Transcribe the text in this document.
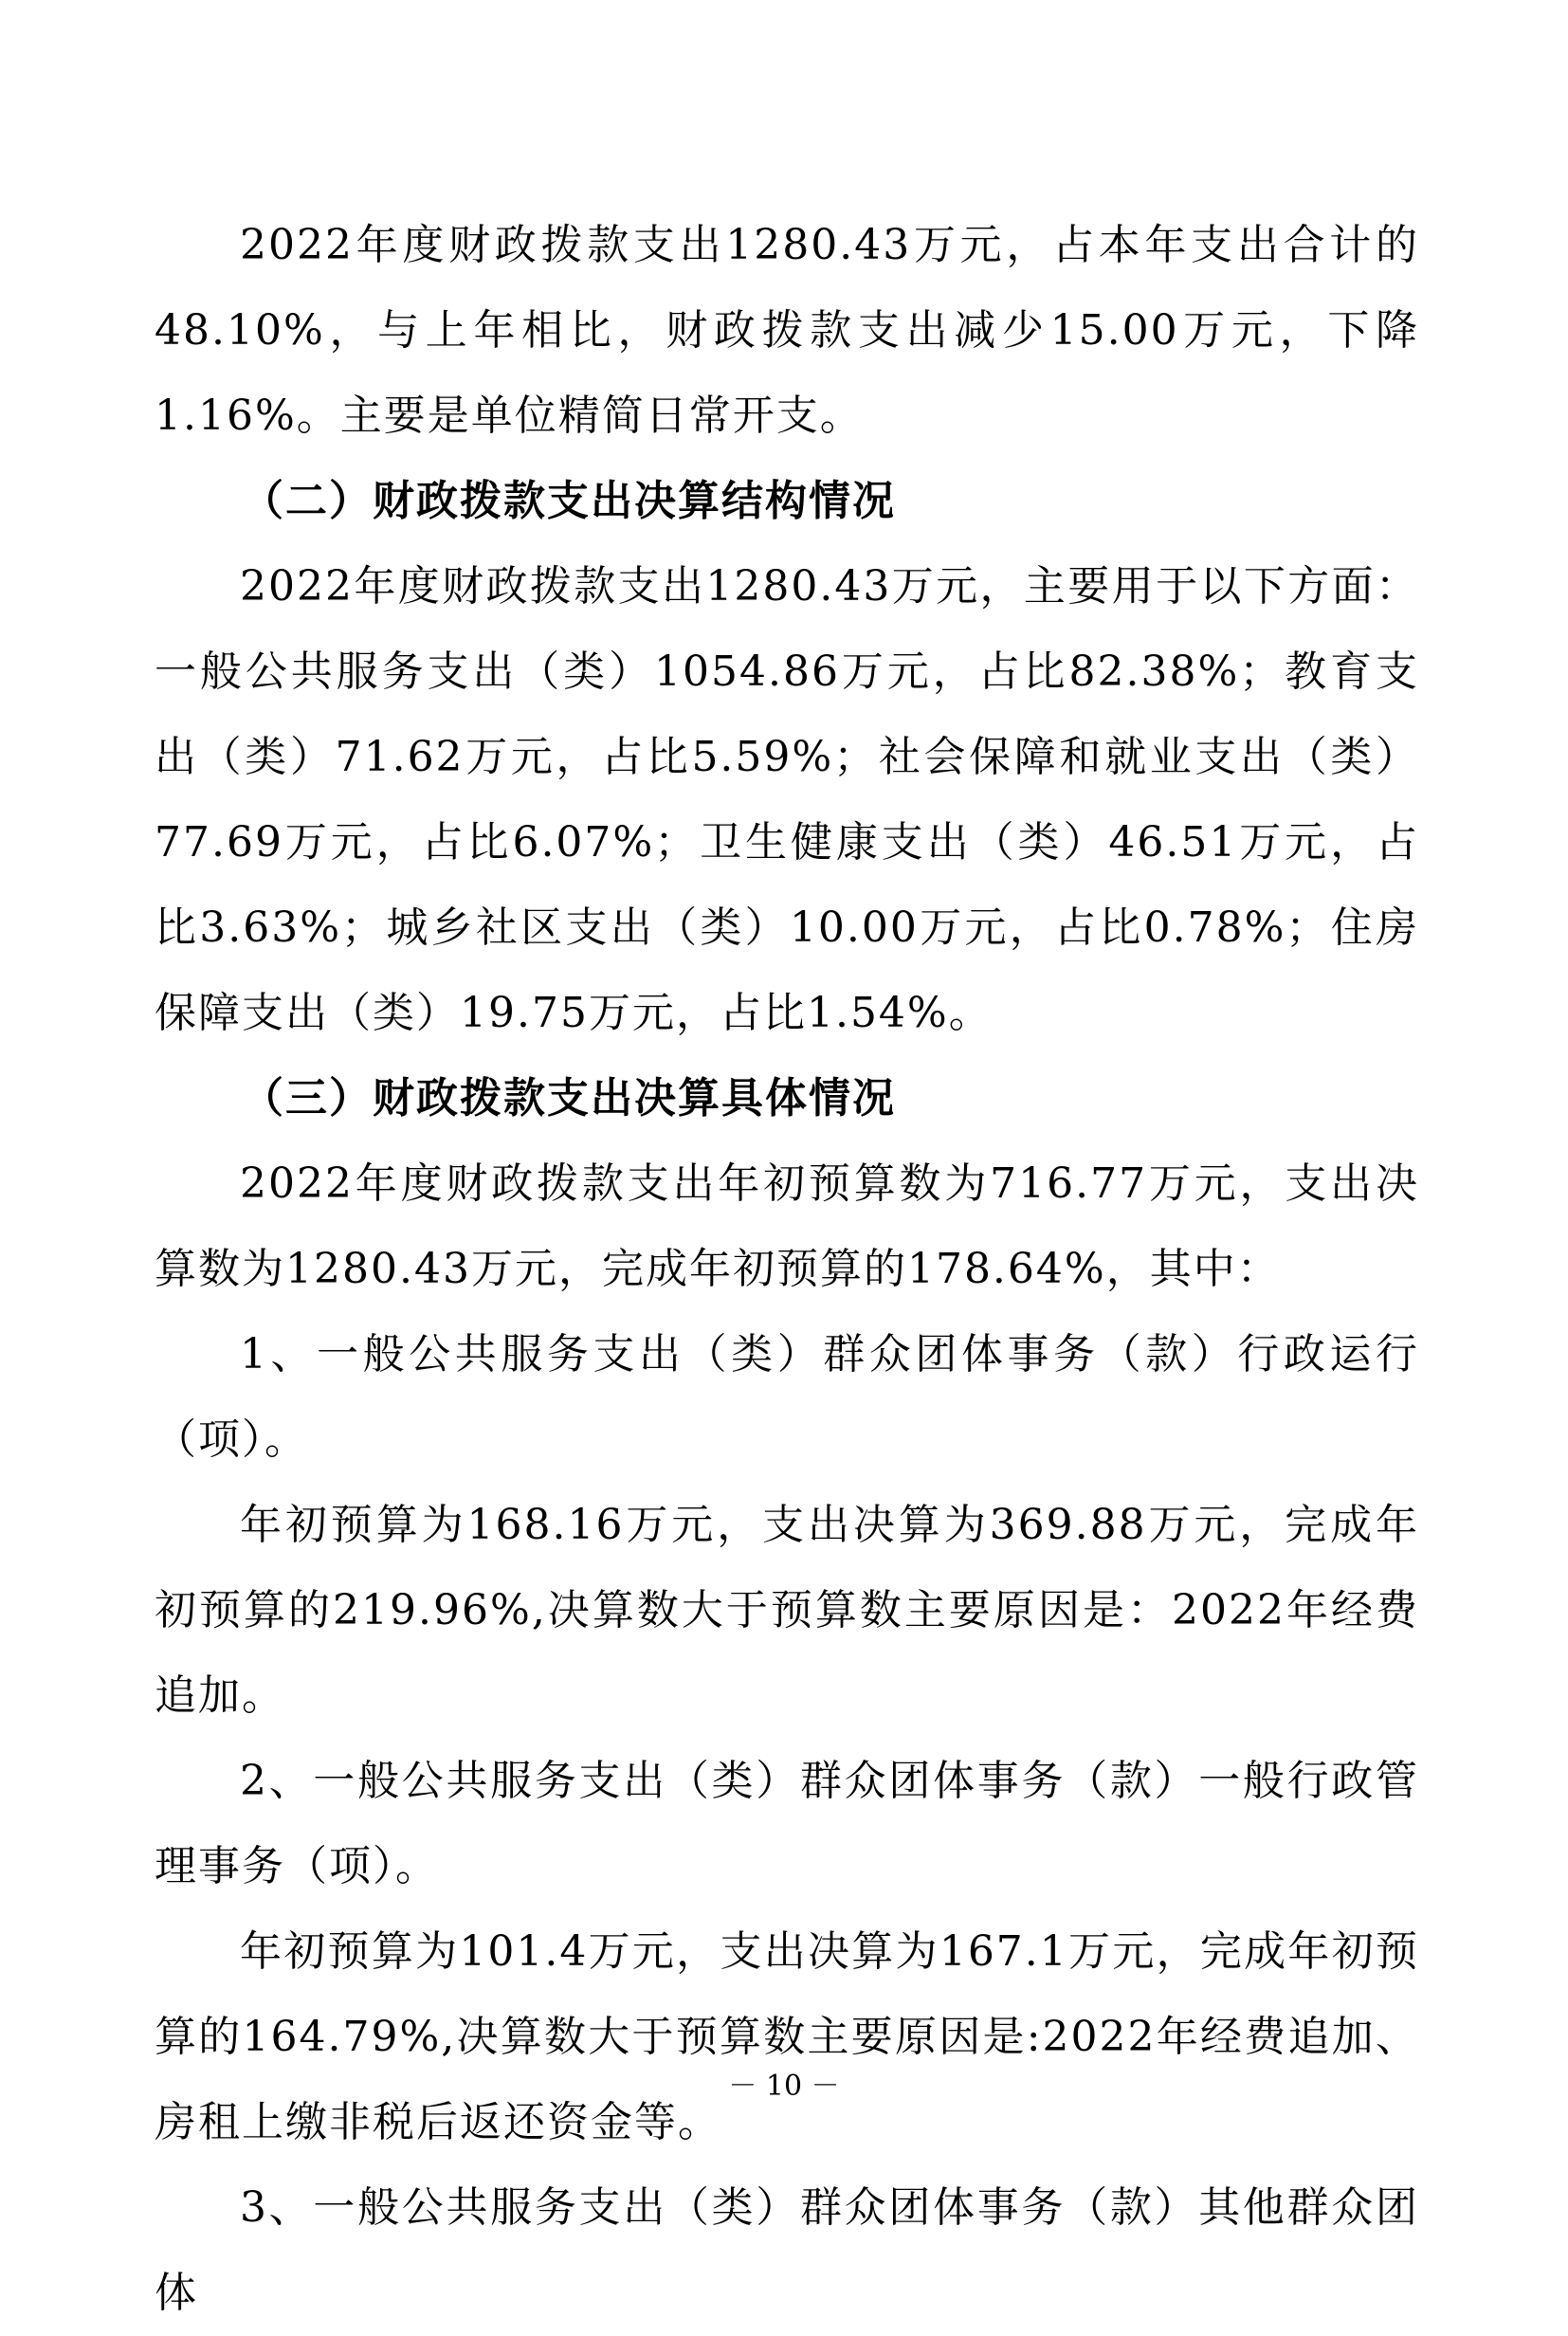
2022年度财政拨款支出1280.43万元，占本年支出合计的48.10%，与上年相比，财政拨款支出减少15.00万元，下降1.16%。主要是单位精简日常开支。

（二）财政拨款支出决算结构情况

2022年度财政拨款支出1280.43万元，主要用于以下方面：一般公共服务支出（类）1054.86万元，占比82.38%；教育支出（类）71.62万元，占比5.59%；社会保障和就业支出（类）77.69万元，占比6.07%；卫生健康支出（类）46.51万元，占比3.63%；城乡社区支出（类）10.00万元，占比0.78%；住房保障支出（类）19.75万元，占比1.54%。

（三）财政拨款支出决算具体情况

2022年度财政拨款支出年初预算数为716.77万元，支出决算数为1280.43万元，完成年初预算的178.64%，其中：

1、一般公共服务支出（类）群众团体事务（款）行政运行（项）。

年初预算为168.16万元，支出决算为369.88万元，完成年初预算的219.96%,决算数大于预算数主要原因是：2022年经费追加。

2、一般公共服务支出（类）群众团体事务（款）一般行政管理事务（项）。

年初预算为101.4万元，支出决算为167.1万元，完成年初预算的164.79%,决算数大于预算数主要原因是:2022年经费追加、房租上缴非税后返还资金等。

3、一般公共服务支出（类）群众团体事务（款）其他群众团体

－ 10 －
